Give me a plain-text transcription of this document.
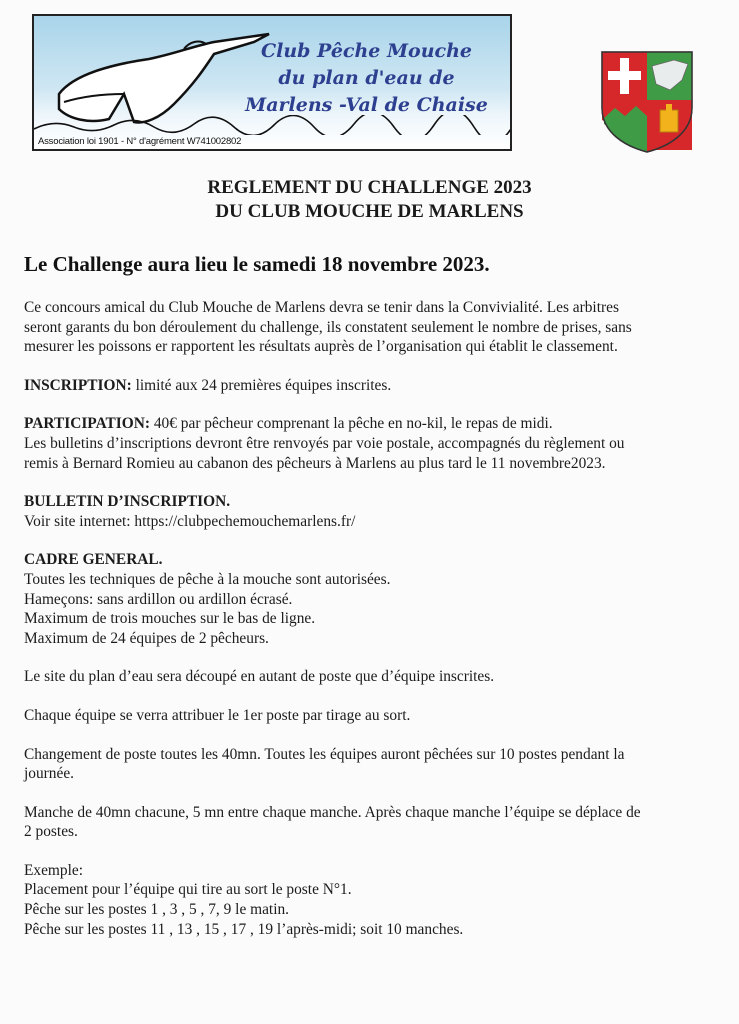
Club Pêche Mouche
du plan d'eau de
Marlens -Val de Chaise
Association loi 1901 - N° d'agrément W741002802
REGLEMENT DU CHALLENGE 2023
DU CLUB MOUCHE DE MARLENS
Le Challenge aura lieu le samedi 18 novembre 2023.

Ce concours amical du Club Mouche de Marlens devra se tenir dans la Convivialité. Les arbitres
seront garants du bon déroulement du challenge, ils constatent seulement le nombre de prises, sans
mesurer les poissons er rapportent les résultats auprès de l’organisation qui établit le classement.

INSCRIPTION: limité aux 24 premières équipes inscrites.

PARTICIPATION: 40€ par pêcheur comprenant la pêche en no-kil, le repas de midi.
Les bulletins d’inscriptions devront être renvoyés par voie postale, accompagnés du règlement ou
remis à Bernard Romieu au cabanon des pêcheurs à Marlens au plus tard le 11 novembre2023.

BULLETIN D’INSCRIPTION.
Voir site internet: https://clubpechemouchemarlens.fr/

CADRE GENERAL.
Toutes les techniques de pêche à la mouche sont autorisées.
Hameçons: sans ardillon ou ardillon écrasé.
Maximum de trois mouches sur le bas de ligne.
Maximum de 24 équipes de 2 pêcheurs.

Le site du plan d’eau sera découpé en autant de poste que d’équipe inscrites.

Chaque équipe se verra attribuer le 1er poste par tirage au sort.

Changement de poste toutes les 40mn. Toutes les équipes auront pêchées sur 10 postes pendant la
journée.

Manche de 40mn chacune, 5 mn entre chaque manche. Après chaque manche l’équipe se déplace de
2 postes.

Exemple:
Placement pour l’équipe qui tire au sort le poste N°1.
Pêche sur les postes 1 , 3 , 5 , 7, 9 le matin.
Pêche sur les postes 11 , 13 , 15 , 17 , 19 l’après-midi; soit 10 manches.
